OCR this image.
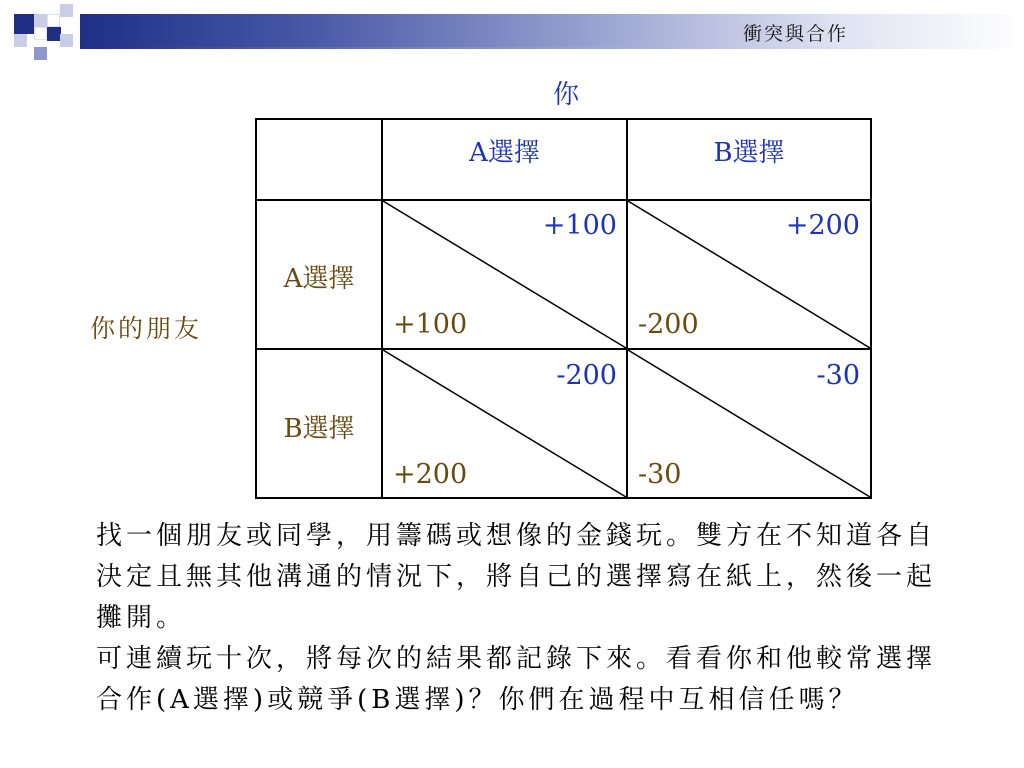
衝突與合作
你
你的朋友
A選擇	B選擇
A選擇
B選擇
+100
+100
+200
-200
-200
+200
-30
-30

找一個朋友或同學，用籌碼或想像的金錢玩。雙方在不知道各自決定且無其他溝通的情況下，將自己的選擇寫在紙上，然後一起攤開。

可連續玩十次，將每次的結果都記錄下來。看看你和他較常選擇合作(A選擇)或競爭(B選擇)？你們在過程中互相信任嗎？
